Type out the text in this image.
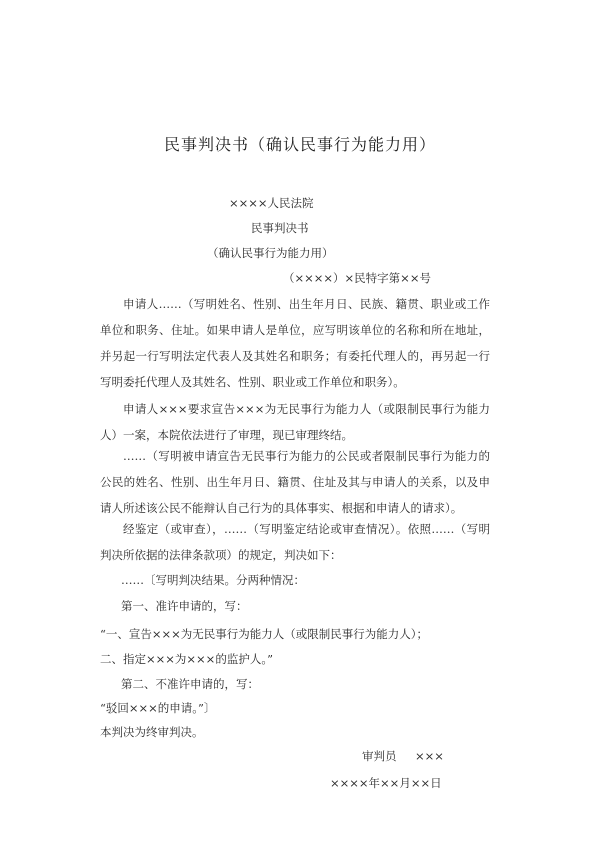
民事判决书（确认民事行为能力用）
××××人民法院
民事判决书
（确认民事行为能力用）
（××××）×民特字第××号
申请人……（写明姓名、性别、出生年月日、民族、籍贯、职业或工作单位和职务、住址。如果申请人是单位，应写明该单位的名称和所在地址，并另起一行写明法定代表人及其姓名和职务；有委托代理人的，再另起一行写明委托代理人及其姓名、性别、职业或工作单位和职务）。
申请人×××要求宣告×××为无民事行为能力人（或限制民事行为能力人）一案，本院依法进行了审理，现已审理终结。
……（写明被申请宣告无民事行为能力的公民或者限制民事行为能力的公民的姓名、性别、出生年月日、籍贯、住址及其与申请人的关系，以及申请人所述该公民不能辩认自己行为的具体事实、根据和申请人的请求）。
经鉴定（或审查），……（写明鉴定结论或审查情况）。依照……（写明判决所依据的法律条款项）的规定，判决如下：
……〔写明判决结果。分两种情况：
第一、准许申请的，写：
“一、宣告×××为无民事行为能力人（或限制民事行为能力人）；
二、指定×××为×××的监护人。”
第二、不准许申请的，写：
“驳回×××的申请。”〕
本判决为终审判决。
审判员 ×××
××××年××月××日
